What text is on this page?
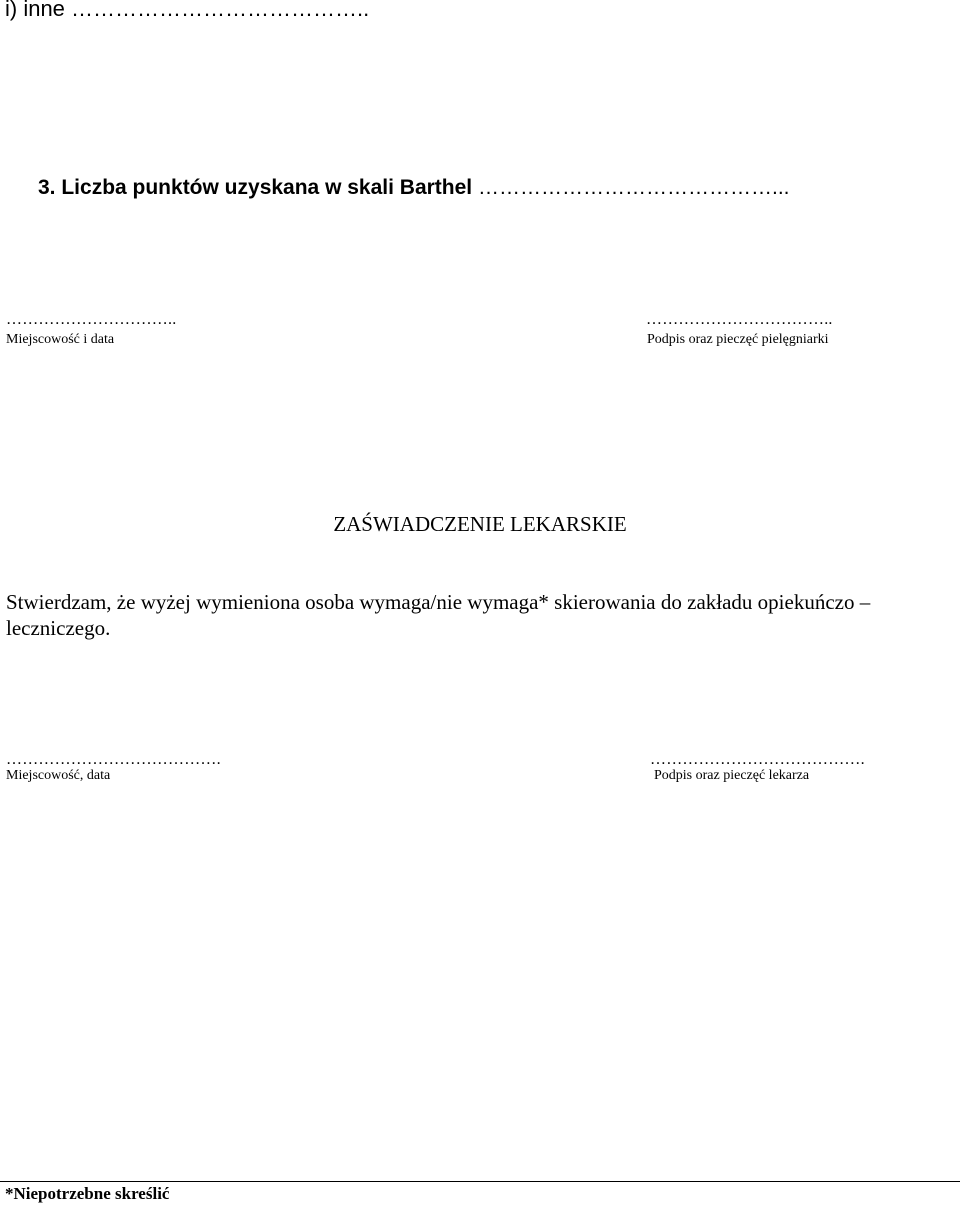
i) inne …………………………………..
3. Liczba punktów uzyskana w skali Barthel ……………………………………...
…………………………..
Miejscowość i data
……………………………..
Podpis oraz pieczęć pielęgniarki
ZAŚWIADCZENIE LEKARSKIE
Stwierdzam, że wyżej wymieniona osoba wymaga/nie wymaga* skierowania do zakładu opiekuńczo – leczniczego.
………………………………….
Miejscowość, data
………………………………….
Podpis oraz pieczęć lekarza
*Niepotrzebne skreślić
